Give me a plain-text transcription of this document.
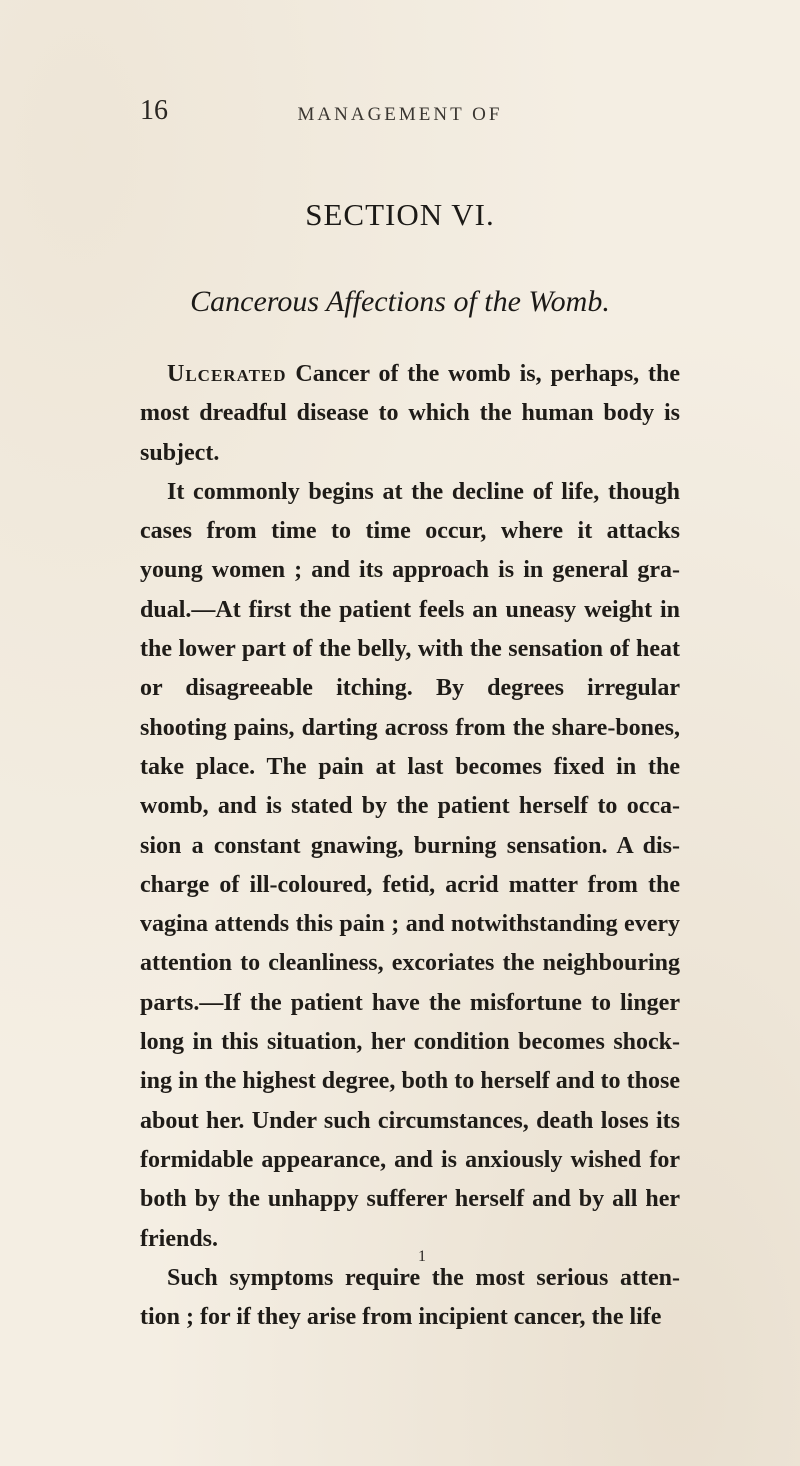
16	MANAGEMENT OF
SECTION VI.
Cancerous Affections of the Womb.

Ulcerated Cancer of the womb is, perhaps, the most dreadful disease to which the human body is subject.

It commonly begins at the decline of life, though cases from time to time occur, where it attacks young women ; and its approach is in general gra- dual.—At first the patient feels an uneasy weight in the lower part of the belly, with the sensation of heat or disagreeable itching. By degrees irregular shooting pains, darting across from the share-bones, take place. The pain at last becomes fixed in the womb, and is stated by the patient herself to occa- sion a constant gnawing, burning sensation. A dis- charge of ill-coloured, fetid, acrid matter from the vagina attends this pain ; and notwithstanding every attention to cleanliness, excoriates the neighbouring parts.—If the patient have the misfortune to linger long in this situation, her condition becomes shock- ing in the highest degree, both to herself and to those about her. Under such circumstances, death loses its formidable appearance, and is anxiously wished for both by the unhappy sufferer herself and by all her friends.

Such symptoms require the most serious atten- tion ; for if they arise from incipient cancer, the life

1
